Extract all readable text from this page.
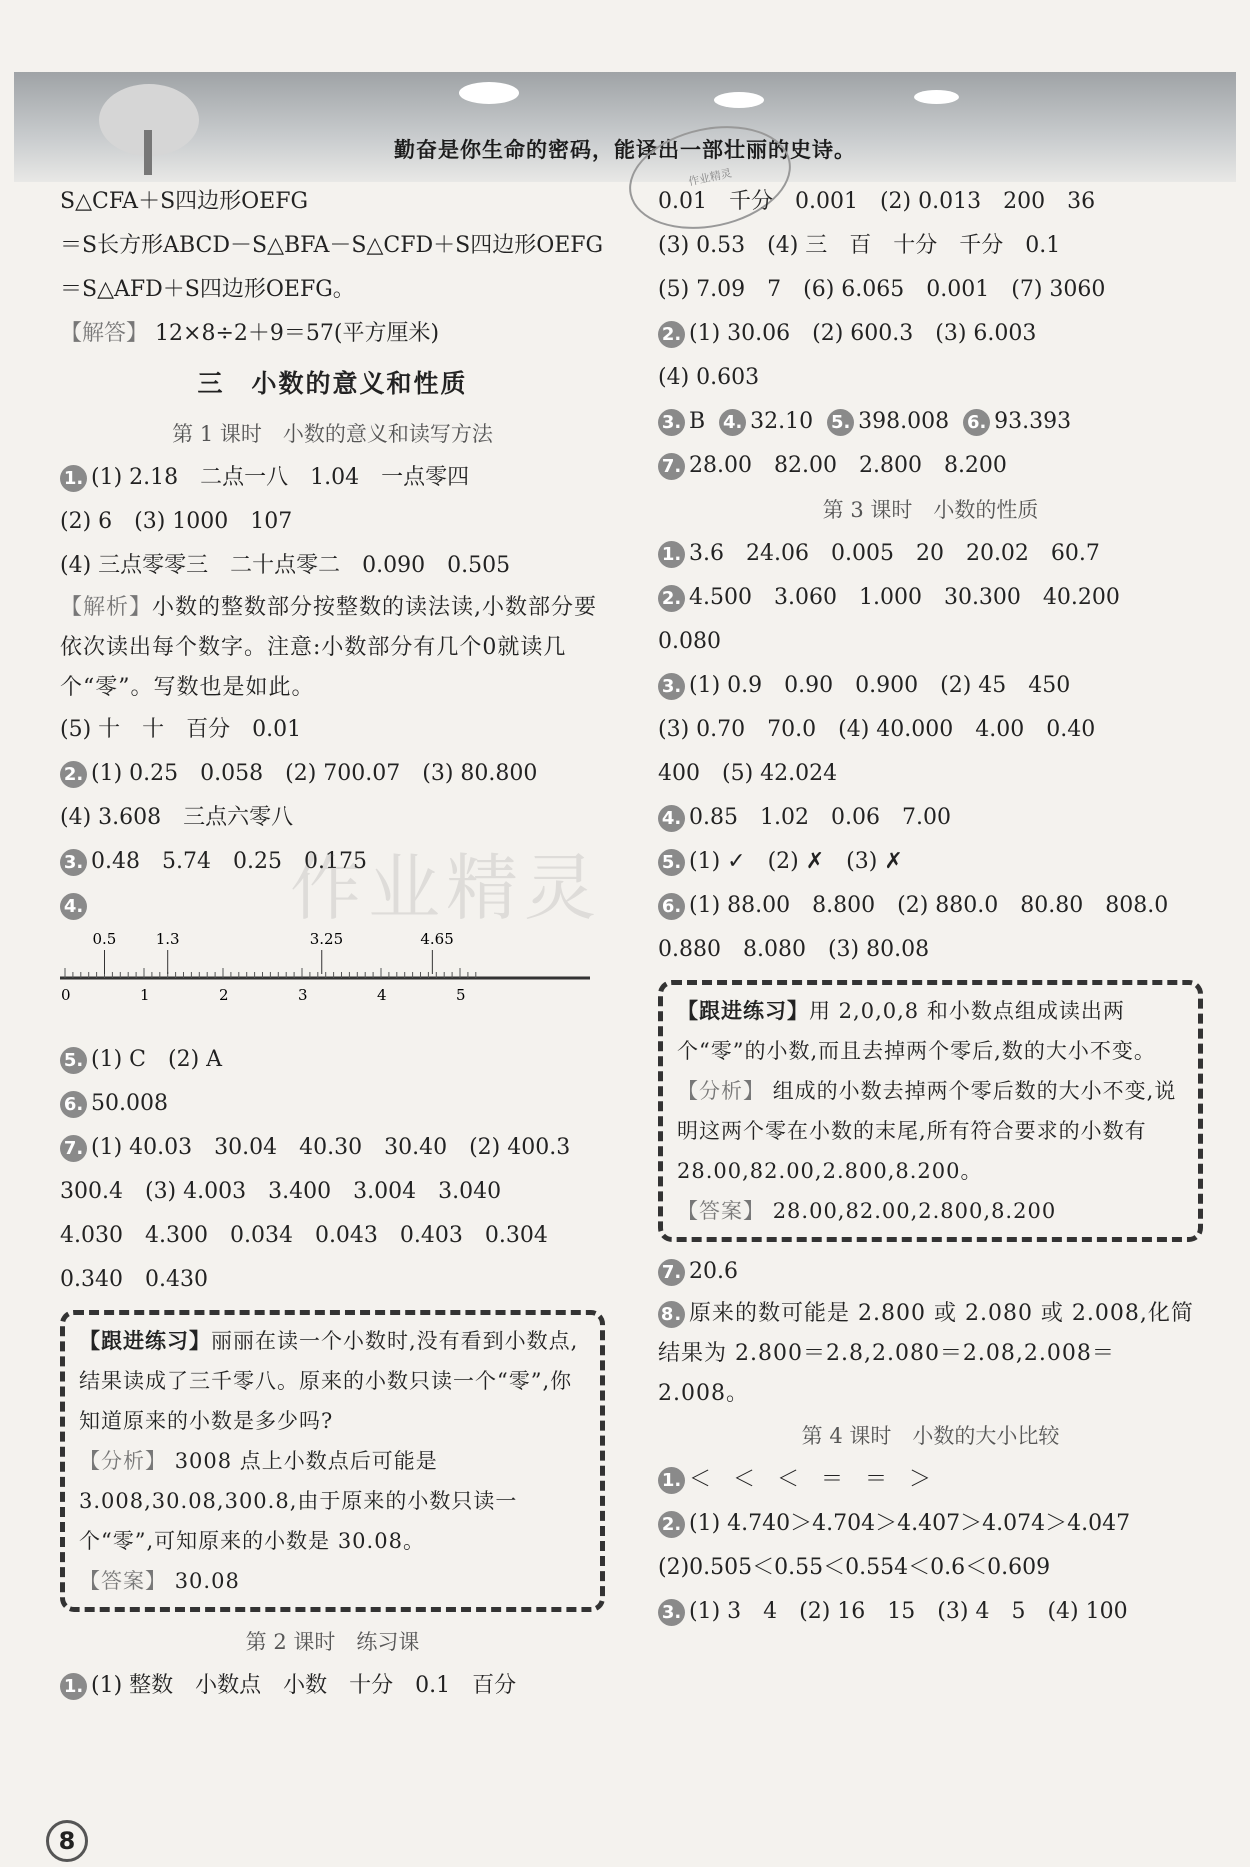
勤奋是你生命的密码，能译出一部壮丽的史诗。
作业精灵
S△CFA＋S四边形OEFG
＝S长方形ABCD－S△BFA－S△CFD＋S四边形OEFG
＝S△AFD＋S四边形OEFG。
【解答】 12×8÷2＋9＝57(平方厘米)
三　小数的意义和性质
第 1 课时　小数的意义和读写方法
1. (1) 2.18　二点一八　1.04　一点零四
(2) 6　(3) 1000　107
(4) 三点零零三　二十点零二　0.090　0.505
【解析】小数的整数部分按整数的读法读,小数部分要依次读出每个数字。注意:小数部分有几个0就读几个“零”。写数也是如此。
(5) 十　十　百分　0.01
2. (1) 0.25　0.058　(2) 700.07　(3) 80.800
(4) 3.608　三点六零八
3. 0.48　5.74　0.25　0.175
4.
0	1	2	3	4	5
0.5	1.3	3.25	4.65
5. (1) C　(2) A
6. 50.008
7. (1) 40.03　30.04　40.30　30.40　(2) 400.3
300.4　(3) 4.003　3.400　3.004　3.040
4.030　4.300　0.034　0.043　0.403　0.304
0.340　0.430
【跟进练习】丽丽在读一个小数时,没有看到小数点,结果读成了三千零八。原来的小数只读一个“零”,你知道原来的小数是多少吗?
【分析】 3008 点上小数点后可能是 3.008,30.08,300.8,由于原来的小数只读一个“零”,可知原来的小数是 30.08。
【答案】 30.08
第 2 课时　练习课
1. (1) 整数　小数点　小数　十分　0.1　百分
0.01　千分　0.001　(2) 0.013　200　36
(3) 0.53　(4) 三　百　十分　千分　0.1
(5) 7.09　7　(6) 6.065　0.001　(7) 3060
2. (1) 30.06　(2) 600.3　(3) 6.003
(4) 0.603
3. B 4. 32.10 5. 398.008 6. 93.393
7. 28.00　82.00　2.800　8.200
第 3 课时　小数的性质
1. 3.6　24.06　0.005　20　20.02　60.7
2. 4.500　3.060　1.000　30.300　40.200
0.080
3. (1) 0.9　0.90　0.900　(2) 45　450
(3) 0.70　70.0　(4) 40.000　4.00　0.40
400　(5) 42.024
4. 0.85　1.02　0.06　7.00
5. (1) ✓　(2) ✗　(3) ✗
6. (1) 88.00　8.800　(2) 880.0　80.80　808.0
0.880　8.080　(3) 80.08
【跟进练习】用 2,0,0,8 和小数点组成读出两个“零”的小数,而且去掉两个零后,数的大小不变。
【分析】 组成的小数去掉两个零后数的大小不变,说明这两个零在小数的末尾,所有符合要求的小数有 28.00,82.00,2.800,8.200。
【答案】 28.00,82.00,2.800,8.200
7. 20.6
8. 原来的数可能是 2.800 或 2.080 或 2.008,化简结果为 2.800＝2.8,2.080＝2.08,2.008＝2.008。
第 4 课时　小数的大小比较
1. ＜　＜　＜　＝　＝　＞
2. (1) 4.740＞4.704＞4.407＞4.074＞4.047
(2)0.505＜0.55＜0.554＜0.6＜0.609
3. (1) 3　4　(2) 16　15　(3) 4　5　(4) 100
作业精灵
8
